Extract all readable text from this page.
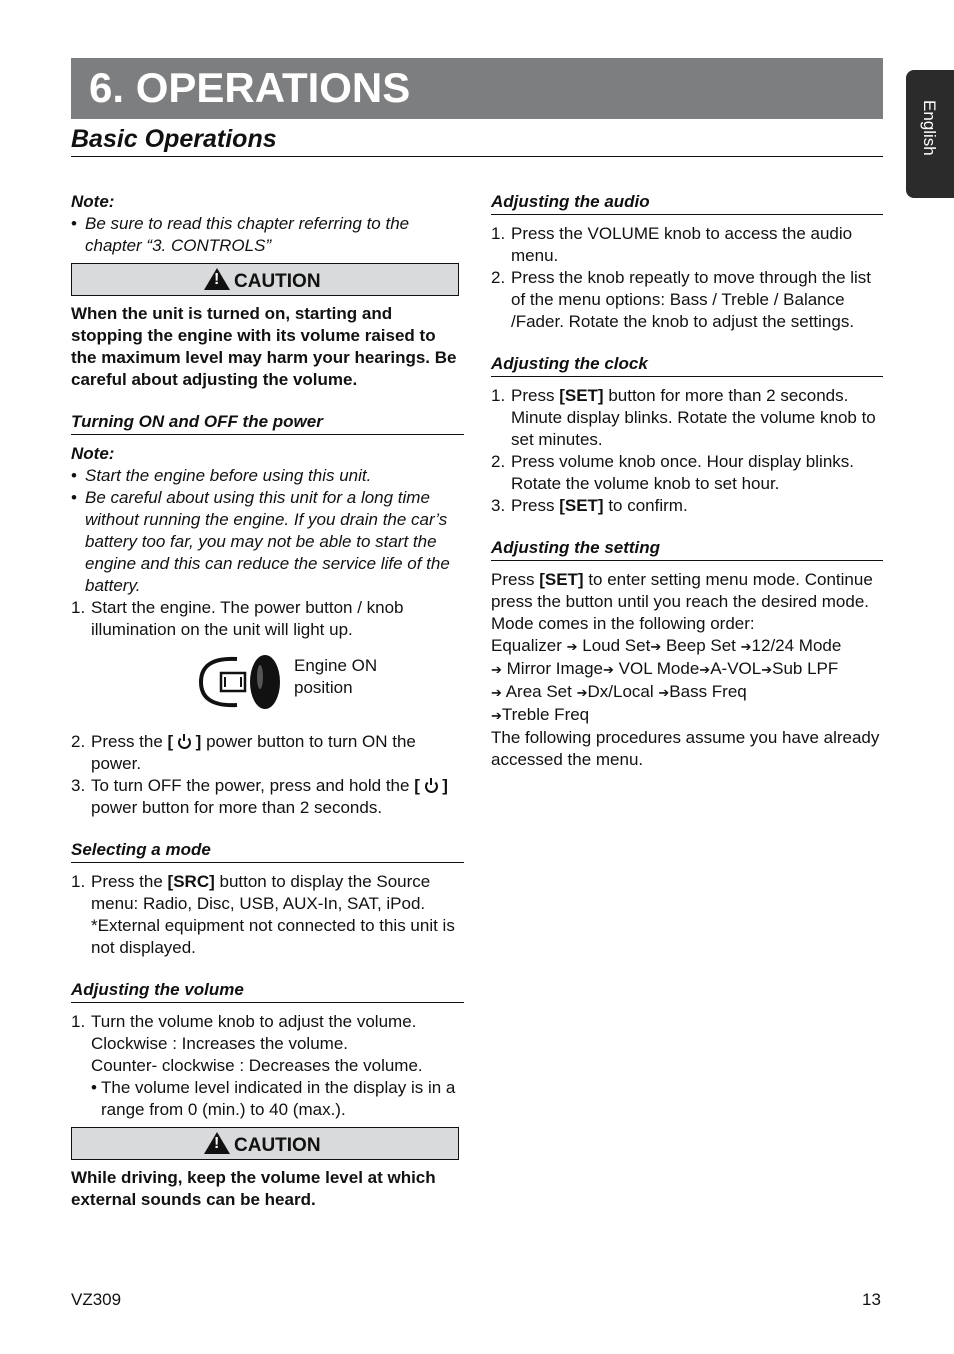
6. OPERATIONS
English
Basic Operations
Note:
• Be sure to read this chapter referring to the chapter “3. CONTROLS”
!CAUTION
When the unit is turned on, starting and stopping the engine with its volume raised to the maximum level may harm your hearings. Be careful about adjusting the volume.
Turning ON and OFF the power
Note:
• Start the engine before using this unit.
• Be careful about using this unit for a long time without running the engine. If you drain the car’s battery too far, you may not be able to start the engine and this can reduce the service life of the battery.
1. Start the engine. The power button / knob illumination on the unit will light up.
Engine ON position
2. Press the [  ] power button to turn ON the power.
3. To turn OFF the power, press and hold the [  ] power button for more than 2 seconds.
Selecting a mode
1. Press the [SRC] button to display the Source menu: Radio, Disc, USB, AUX-In, SAT, iPod.
*External equipment not connected to this unit is not displayed.
Adjusting the volume
1. Turn the volume knob to adjust the volume.
Clockwise : Increases the volume.
Counter- clockwise : Decreases the volume.
• The volume level indicated in the display is in a range from 0 (min.) to 40 (max.).
!CAUTION
While driving, keep the volume level at which external sounds can be heard.
Adjusting the audio
1. Press the VOLUME knob to access the audio menu.
2. Press the knob repeatly to move through the list of the menu options: Bass / Treble / Balance /Fader. Rotate the knob to adjust the settings.
Adjusting the clock
1. Press [SET] button for more than 2 seconds. Minute display blinks. Rotate the volume knob to set minutes.
2. Press volume knob once. Hour display blinks. Rotate the volume knob to set hour.
3. Press [SET] to confirm.
Adjusting the setting
Press [SET] to enter setting menu mode. Continue press the button until you reach the desired mode.
Mode comes in the following order:
Equalizer ➔ Loud Set➔ Beep Set ➔12/24 Mode
➔ Mirror Image➔ VOL Mode➔A-VOL➔Sub LPF
➔ Area Set ➔Dx/Local ➔Bass Freq
➔Treble Freq
The following procedures assume you have already accessed the menu.
VZ309	13
